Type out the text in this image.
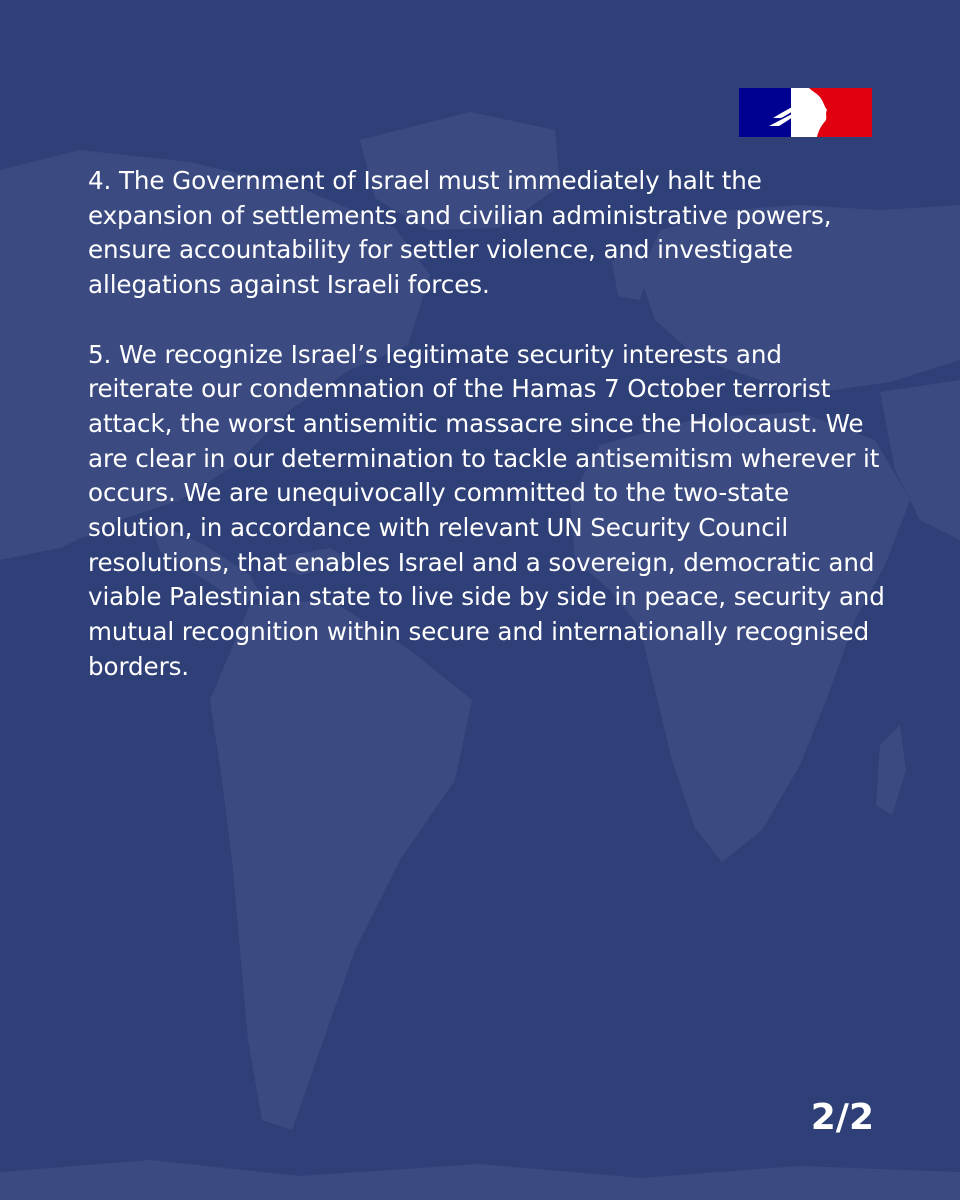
4. The Government of Israel must immediately halt the expansion of settlements and civilian administrative powers, ensure accountability for settler violence, and investigate allegations against Israeli forces.

5. We recognize Israel’s legitimate security interests and reiterate our condemnation of the Hamas 7 October terrorist attack, the worst antisemitic massacre since the Holocaust. We are clear in our determination to tackle antisemitism wherever it occurs. We are unequivocally committed to the two-state solution, in accordance with relevant UN Security Council resolutions, that enables Israel and a sovereign, democratic and viable Palestinian state to live side by side in peace, security and mutual recognition within secure and internationally recognised borders.

2/2
